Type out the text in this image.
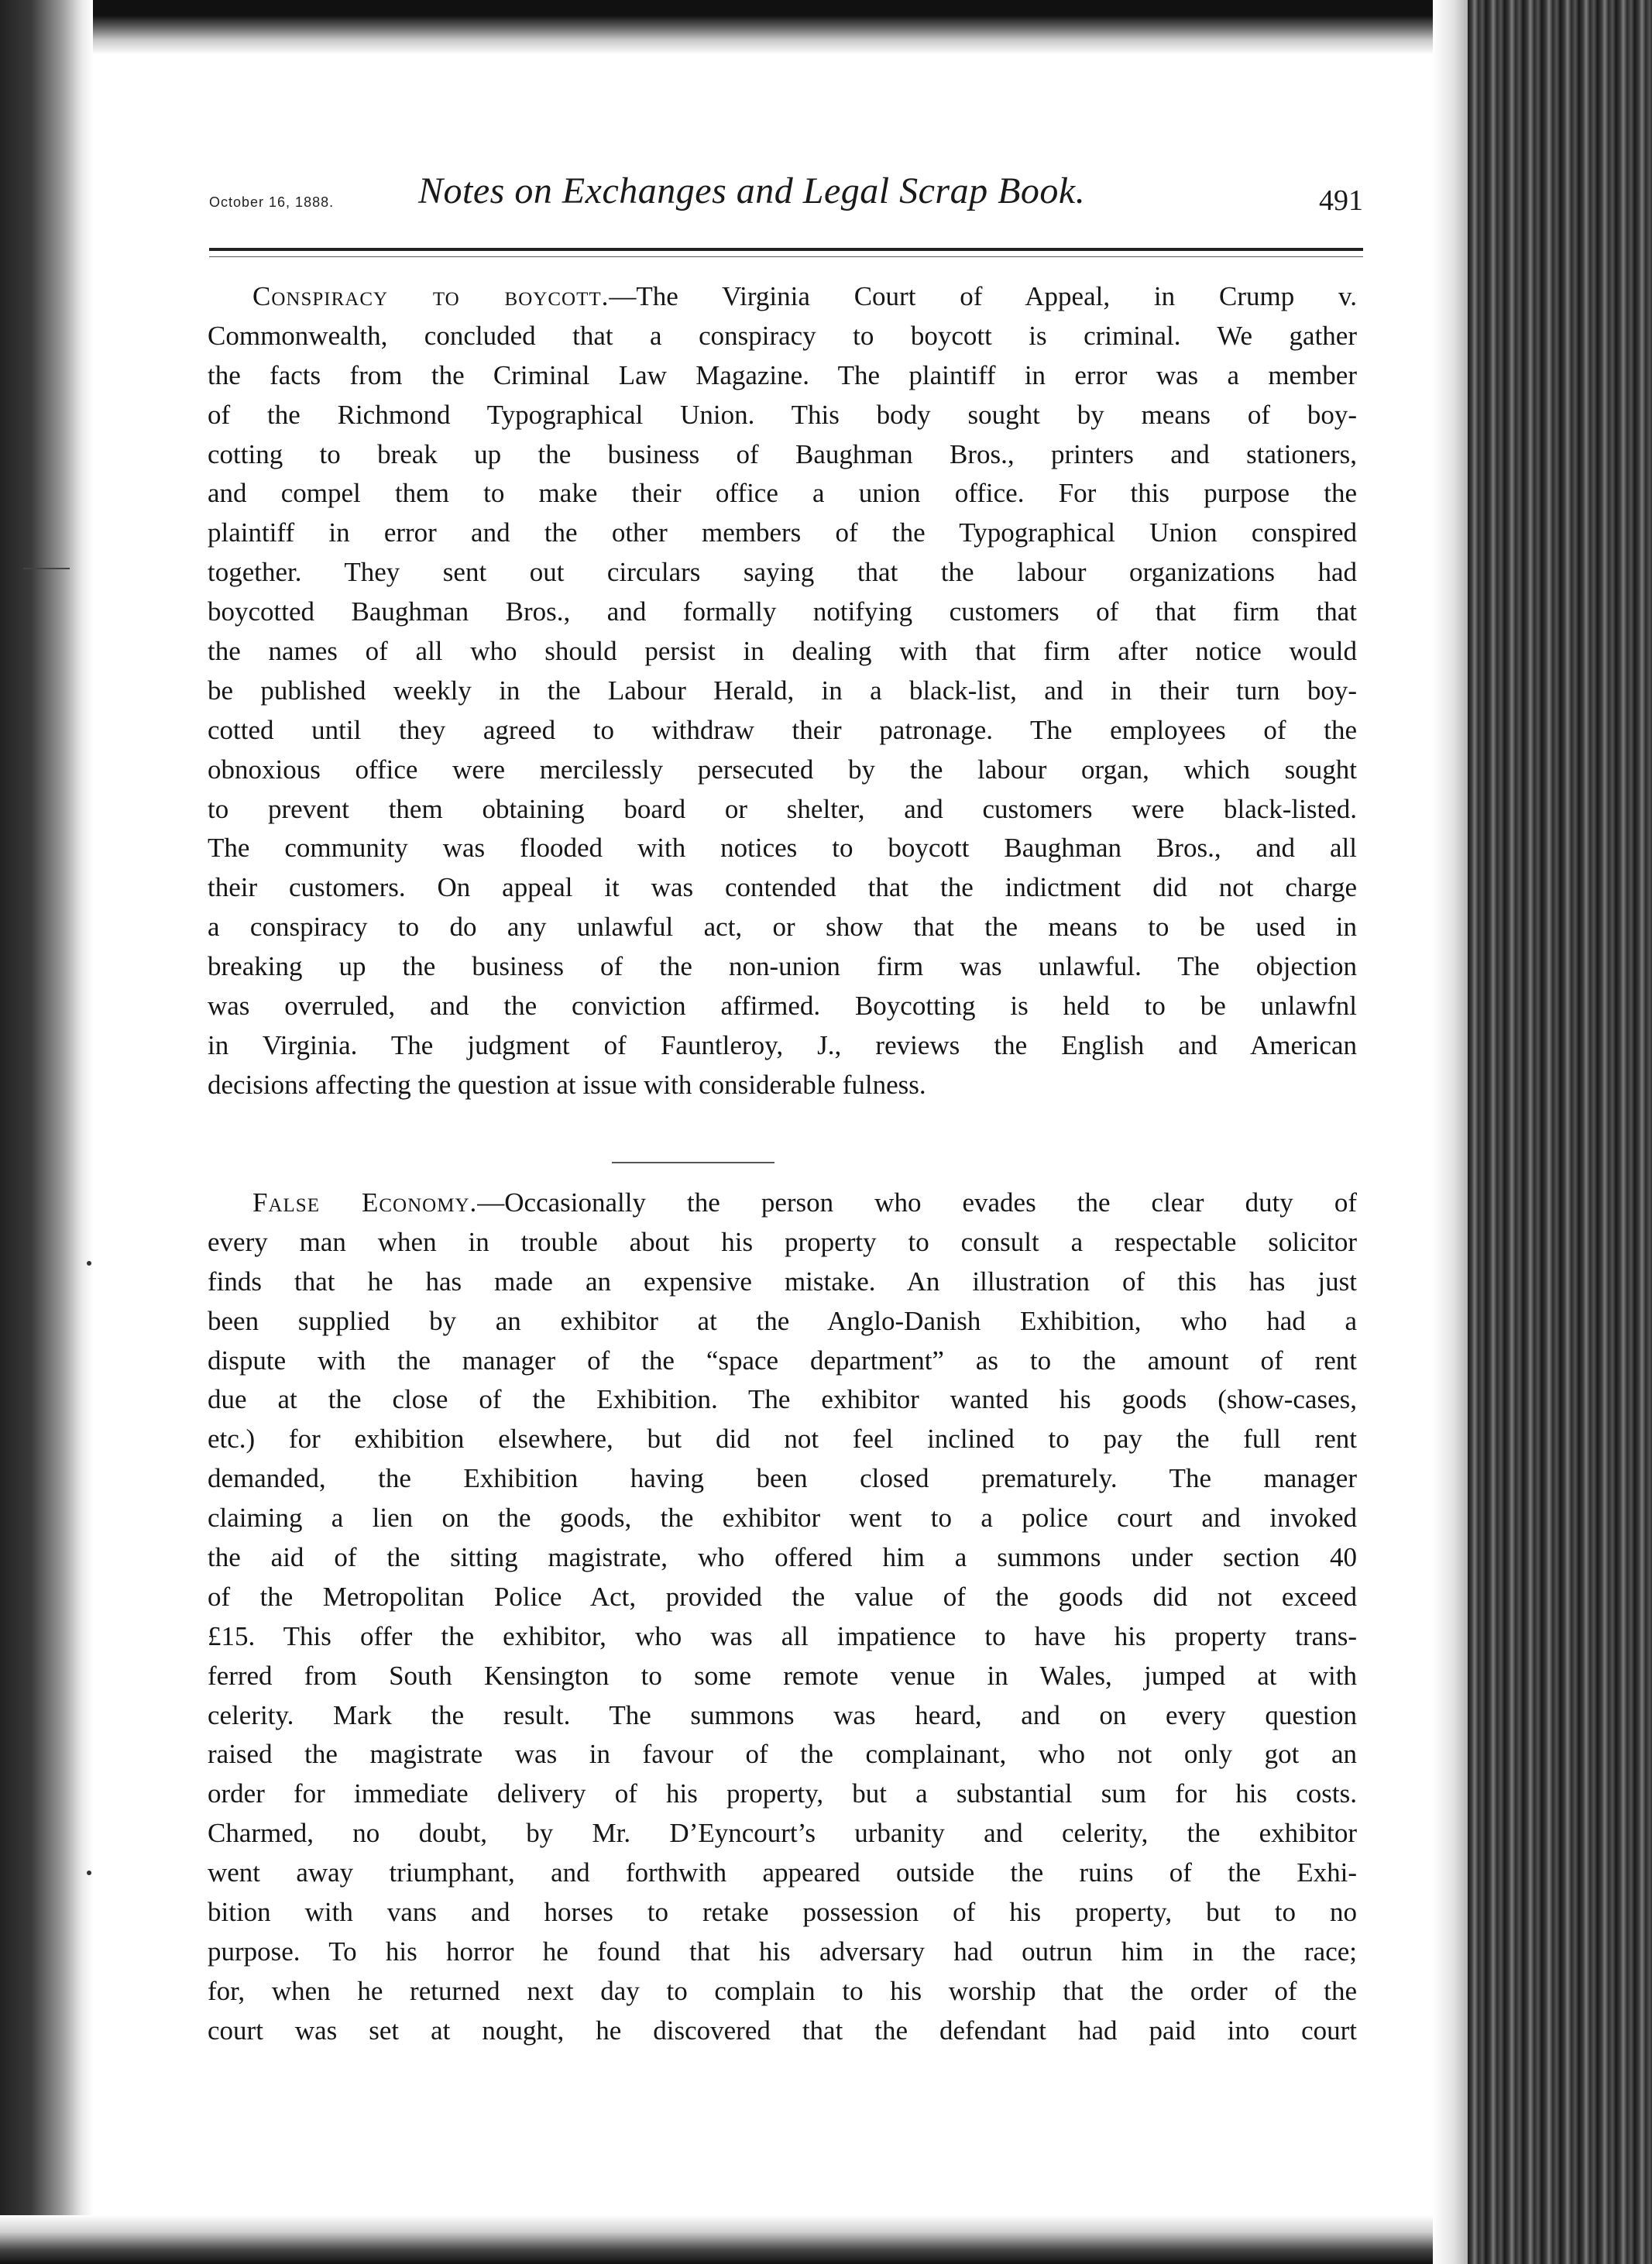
October 16, 1888. Notes on Exchanges and Legal Scrap Book.	491
Conspiracy to boycott.—The Virginia Court of Appeal, in Crump v.
Commonwealth, concluded that a conspiracy to boycott is criminal. We gather
the facts from the Criminal Law Magazine. The plaintiff in error was a member
of the Richmond Typographical Union. This body sought by means of boy-
cotting to break up the business of Baughman Bros., printers and stationers,
and compel them to make their office a union office. For this purpose the
plaintiff in error and the other members of the Typographical Union conspired
together. They sent out circulars saying that the labour organizations had
boycotted Baughman Bros., and formally notifying customers of that firm that
the names of all who should persist in dealing with that firm after notice would
be published weekly in the Labour Herald, in a black-list, and in their turn boy-
cotted until they agreed to withdraw their patronage. The employees of the
obnoxious office were mercilessly persecuted by the labour organ, which sought
to prevent them obtaining board or shelter, and customers were black-listed.
The community was flooded with notices to boycott Baughman Bros., and all
their customers. On appeal it was contended that the indictment did not charge
a conspiracy to do any unlawful act, or show that the means to be used in
breaking up the business of the non-union firm was unlawful. The objection
was overruled, and the conviction affirmed. Boycotting is held to be unlawfnl
in Virginia. The judgment of Fauntleroy, J., reviews the English and American
decisions affecting the question at issue with considerable fulness.
False Economy.—Occasionally the person who evades the clear duty of
every man when in trouble about his property to consult a respectable solicitor
finds that he has made an expensive mistake. An illustration of this has just
been supplied by an exhibitor at the Anglo-Danish Exhibition, who had a
dispute with the manager of the “space department” as to the amount of rent
due at the close of the Exhibition. The exhibitor wanted his goods (show-cases,
etc.) for exhibition elsewhere, but did not feel inclined to pay the full rent
demanded, the Exhibition having been closed prematurely. The manager
claiming a lien on the goods, the exhibitor went to a police court and invoked
the aid of the sitting magistrate, who offered him a summons under section 40
of the Metropolitan Police Act, provided the value of the goods did not exceed
£15. This offer the exhibitor, who was all impatience to have his property trans-
ferred from South Kensington to some remote venue in Wales, jumped at with
celerity. Mark the result. The summons was heard, and on every question
raised the magistrate was in favour of the complainant, who not only got an
order for immediate delivery of his property, but a substantial sum for his costs.
Charmed, no doubt, by Mr. D’Eyncourt’s urbanity and celerity, the exhibitor
went away triumphant, and forthwith appeared outside the ruins of the Exhi-
bition with vans and horses to retake possession of his property, but to no
purpose. To his horror he found that his adversary had outrun him in the race;
for, when he returned next day to complain to his worship that the order of the
court was set at nought, he discovered that the defendant had paid into court
